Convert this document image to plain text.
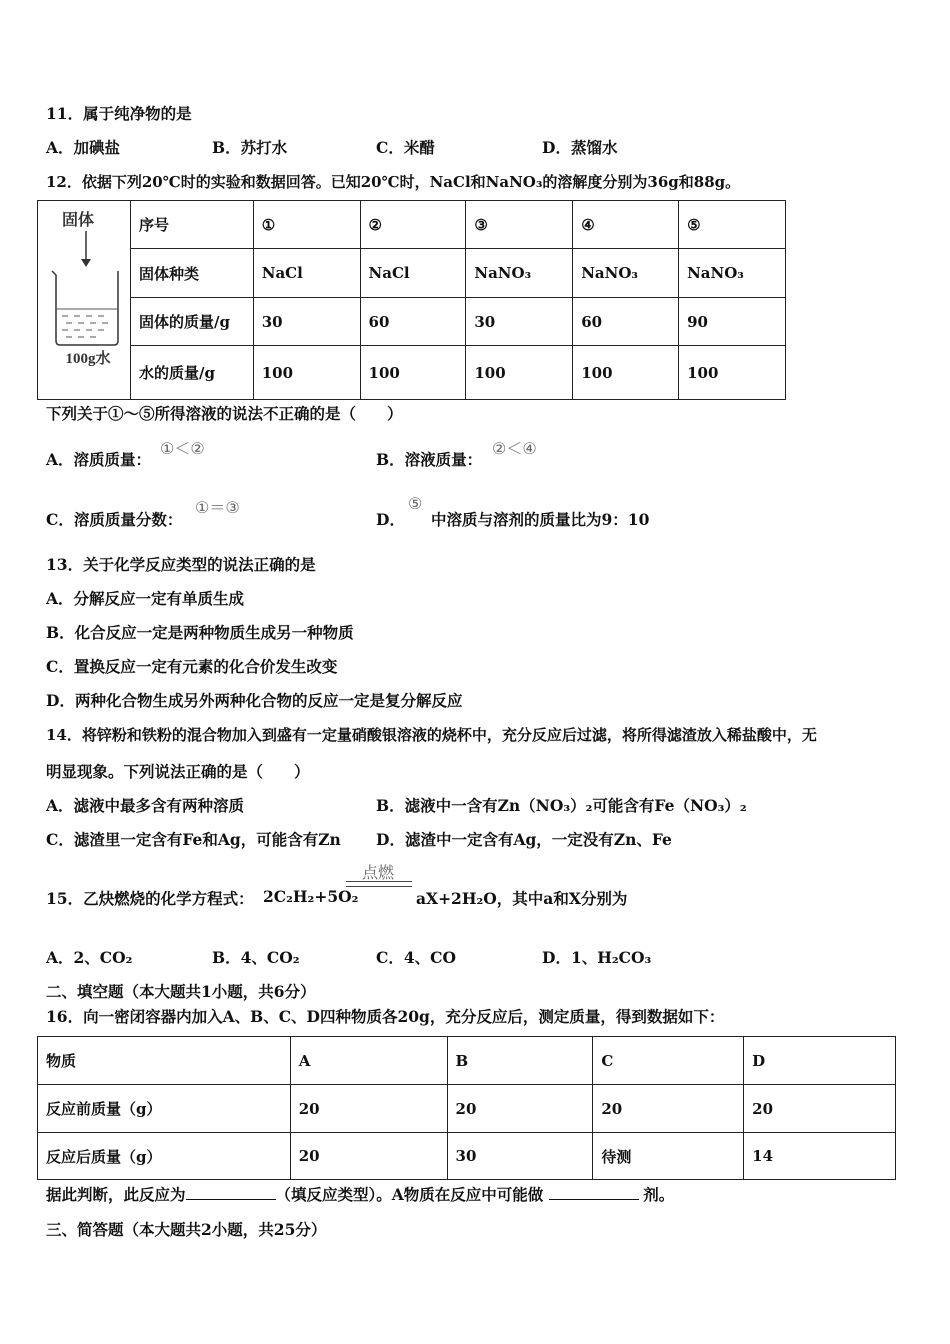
11．属于纯净物的是
A．加碘盐	B．苏打水	C．米醋	D．蒸馏水
12．依据下列20℃时的实验和数据回答。已知20℃时，NaCl和NaNO₃的溶解度分别为36g和88g。
固体
100g水	序号	①	②	③	④	⑤
	固体种类	NaCl	NaCl	NaNO₃	NaNO₃	NaNO₃
	固体的质量/g	30	60	30	60	90
	水的质量/g	100	100	100	100	100
下列关于①～⑤所得溶液的说法不正确的是（　　）
A．溶质质量：
①＜②
B．溶液质量：
②＜④
C．溶质质量分数：
①＝③
D．
⑤
中溶质与溶剂的质量比为9：10
13．关于化学反应类型的说法正确的是
A．分解反应一定有单质生成
B．化合反应一定是两种物质生成另一种物质
C．置换反应一定有元素的化合价发生改变
D．两种化合物生成另外两种化合物的反应一定是复分解反应
14．将锌粉和铁粉的混合物加入到盛有一定量硝酸银溶液的烧杯中，充分反应后过滤，将所得滤渣放入稀盐酸中，无
明显现象。下列说法正确的是（　　）
A．滤液中最多含有两种溶质	B．滤液中一含有Zn（NO₃）₂可能含有Fe（NO₃）₂
C．滤渣里一定含有Fe和Ag，可能含有Zn D．滤渣中一定含有Ag，一定没有Zn、Fe
15．乙炔燃烧的化学方程式： 2C₂H₂+5O₂
点燃
aX+2H₂O，其中a和X分别为
A．2、CO₂	B．4、CO₂	C．4、CO	D．1、H₂CO₃
二、填空题（本大题共1小题，共6分）
16．向一密闭容器内加入A、B、C、D四种物质各20g，充分反应后，测定质量，得到数据如下：
物质	A	B	C	D
反应前质量（g）	20	20	20	20
反应后质量（g）	20	30	待测	14
据此判断，此反应为	（填反应类型）。A物质在反应中可能做	剂。
三、简答题（本大题共2小题，共25分）
